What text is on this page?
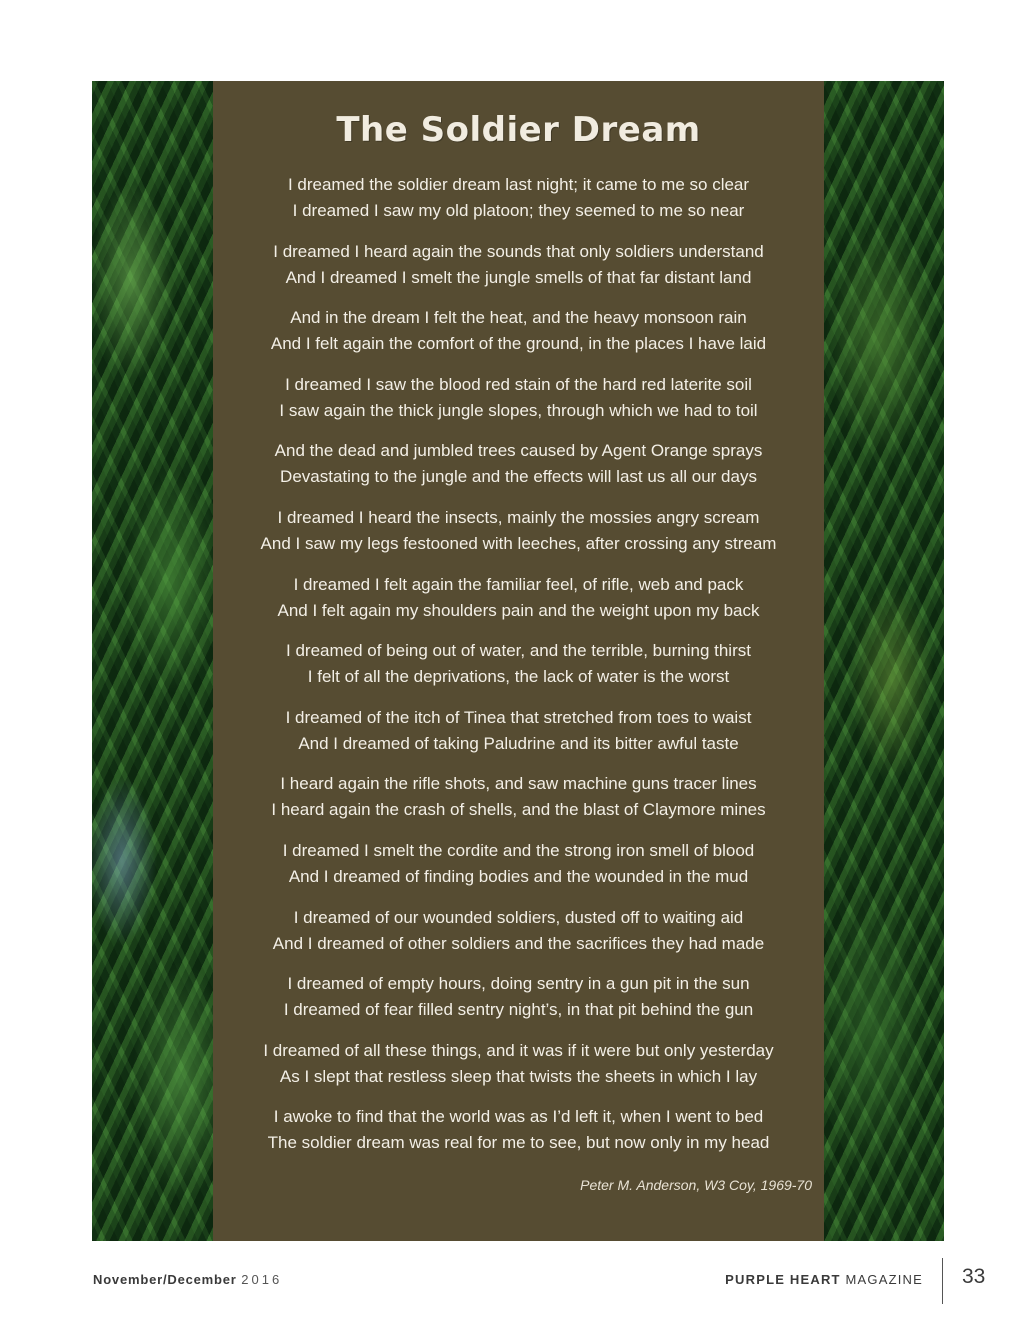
The Soldier Dream
I dreamed the soldier dream last night; it came to me so clear
I dreamed I saw my old platoon; they seemed to me so near
I dreamed I heard again the sounds that only soldiers understand
And I dreamed I smelt the jungle smells of that far distant land
And in the dream I felt the heat, and the heavy monsoon rain
And I felt again the comfort of the ground, in the places I have laid
I dreamed I saw the blood red stain of the hard red laterite soil
I saw again the thick jungle slopes, through which we had to toil
And the dead and jumbled trees caused by Agent Orange sprays
Devastating to the jungle and the effects will last us all our days
I dreamed I heard the insects, mainly the mossies angry scream
And I saw my legs festooned with leeches, after crossing any stream
I dreamed I felt again the familiar feel, of rifle, web and pack
And I felt again my shoulders pain and the weight upon my back
I dreamed of being out of water, and the terrible, burning thirst
I felt of all the deprivations, the lack of water is the worst
I dreamed of the itch of Tinea that stretched from toes to waist
And I dreamed of taking Paludrine and its bitter awful taste
I heard again the rifle shots, and saw machine guns tracer lines
I heard again the crash of shells, and the blast of Claymore mines
I dreamed I smelt the cordite and the strong iron smell of blood
And I dreamed of finding bodies and the wounded in the mud
I dreamed of our wounded soldiers, dusted off to waiting aid
And I dreamed of other soldiers and the sacrifices they had made
I dreamed of empty hours, doing sentry in a gun pit in the sun
I dreamed of fear filled sentry night’s, in that pit behind the gun
I dreamed of all these things, and it was if it were but only yesterday
As I slept that restless sleep that twists the sheets in which I lay
I awoke to find that the world was as I’d left it, when I went to bed
The soldier dream was real for me to see, but now only in my head
Peter M. Anderson, W3 Coy, 1969-70
November/December 2016	PURPLE HEART MAGAZINE 33
